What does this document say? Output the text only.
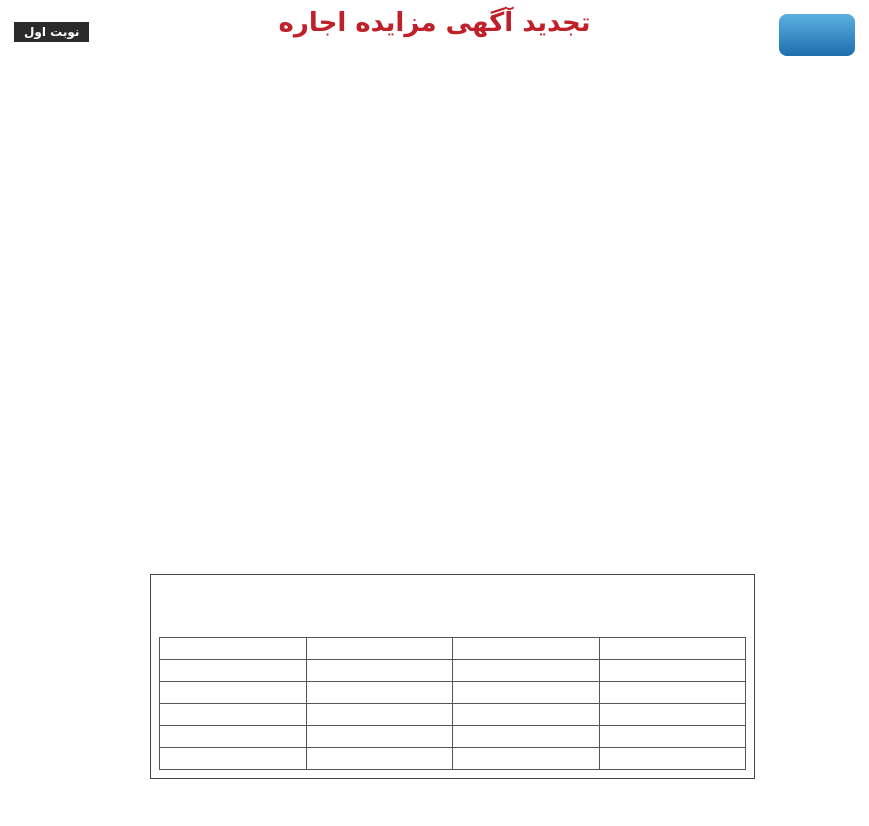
نوبت اول	تجدید آگهی مزایده اجاره
